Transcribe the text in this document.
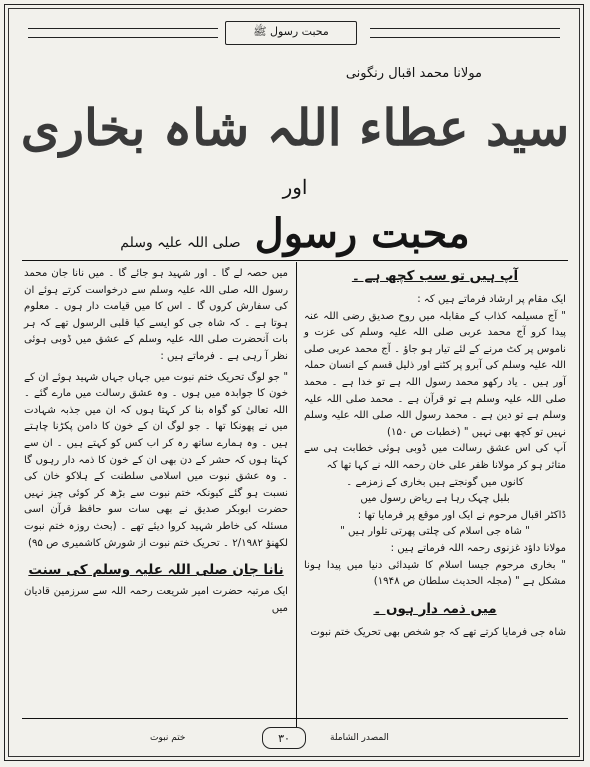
محبت رسول ﷺ
مولانا محمد اقبال رنگونی
سید عطاء اللہ شاہ بخاری
اور
محبت رسول صلی اللہ علیہ وسلم

آپ ہیں تو سب کچھ ہے ۔

ایک مقام پر ارشاد فرماتے ہیں کہ :

" آج مسیلمہ کذاب کے مقابلہ میں روح صدیق رضی اللہ عنہ پیدا کرو آج محمد عربی صلی اللہ علیہ وسلم کی عزت و ناموس پر کٹ مرنے کے لئے تیار ہو جاؤ ۔ آج محمد عربی صلی اللہ علیہ وسلم کی آبرو پر کٹنے اور ذلیل قسم کے انسان حملہ آور ہیں ۔ یاد رکھو محمد رسول اللہ ہے تو خدا ہے ۔ محمد صلی اللہ علیہ وسلم ہے تو قرآن ہے ۔ محمد صلی اللہ علیہ وسلم ہے تو دین ہے ۔ محمد رسول اللہ صلی اللہ علیہ وسلم نہیں تو کچھ بھی نہیں " (خطبات ص ۱۵۰)

آپ کی اس عشق رسالت میں ڈوبی ہوئی خطابت ہی سے متاثر ہو کر مولانا ظفر علی خان رحمہ اللہ نے کہا تھا کہ

کانوں میں گونجتے ہیں بخاری کے زمزمے ۔

بلبل چہک رہا ہے ریاض رسول میں

ڈاکٹر اقبال مرحوم نے ایک اور موقع پر فرمایا تھا :

" شاہ جی اسلام کی چلتی پھرتی تلوار ہیں "

مولانا داؤد غزنوی رحمہ اللہ فرماتے ہیں :

" بخاری مرحوم جیسا اسلام کا شیدائی دنیا میں پیدا ہونا مشکل ہے " (مجلہ الحدیث سلطان ص ۱۹۴۸)

میں ذمہ دار ہوں ۔

شاہ جی فرمایا کرتے تھے کہ جو شخص بھی تحریک ختم نبوت

میں حصہ لے گا ۔ اور شہید ہو جائے گا ۔ میں نانا جان محمد رسول اللہ صلی اللہ علیہ وسلم سے درخواست کرتے ہوئے ان کی سفارش کروں گا ۔ اس کا میں قیامت دار ہوں ۔ معلوم ہوتا ہے ۔ کہ شاہ جی کو ایسے کیا قلبی الرسول تھے کہ ہر بات آنحضرت صلی اللہ علیہ وسلم کے عشق میں ڈوبی ہوئی نظر آ رہی ہے ۔ فرماتے ہیں :

" جو لوگ تحریک ختم نبوت میں جہاں جہاں شہید ہوئے ان کے خون کا جوابدہ میں ہوں ۔ وہ عشق رسالت میں مارے گئے ۔ اللہ تعالیٰ کو گواہ بنا کر کہتا ہوں کہ ان میں جذبہ شہادت میں نے پھونکا تھا ۔ جو لوگ ان کے خون کا دامن پکڑنا چاہتے ہیں ۔ وہ ہمارے ساتھ رہ کر اب کس کو کہتے ہیں ۔ ان سے کہتا ہوں کہ حشر کے دن بھی ان کے خون کا ذمہ دار رہوں گا ۔ وہ عشق نبوت میں اسلامی سلطنت کے ہلاکو خان کی نسبت ہو گئے کیونکہ ختم نبوت سے بڑھ کر کوئی چیز نہیں حضرت ابوبکر صدیق نے بھی سات سو حافظ قرآن اسی مسئلہ کی خاطر شہید کروا دیئے تھے ۔ (بحث روزہ ختم نبوت لکھنؤ ۲/۱۹۸۲ ۔ تحریک ختم نبوت از شورش کاشمیری ص ۹۵)

نانا جان صلی اللہ علیہ وسلم کی سنت

ایک مرتبہ حضرت امیر شریعت رحمہ اللہ سے سرزمین قادیان میں

ختم نبوت	۳۰	المصدر الشاملة
